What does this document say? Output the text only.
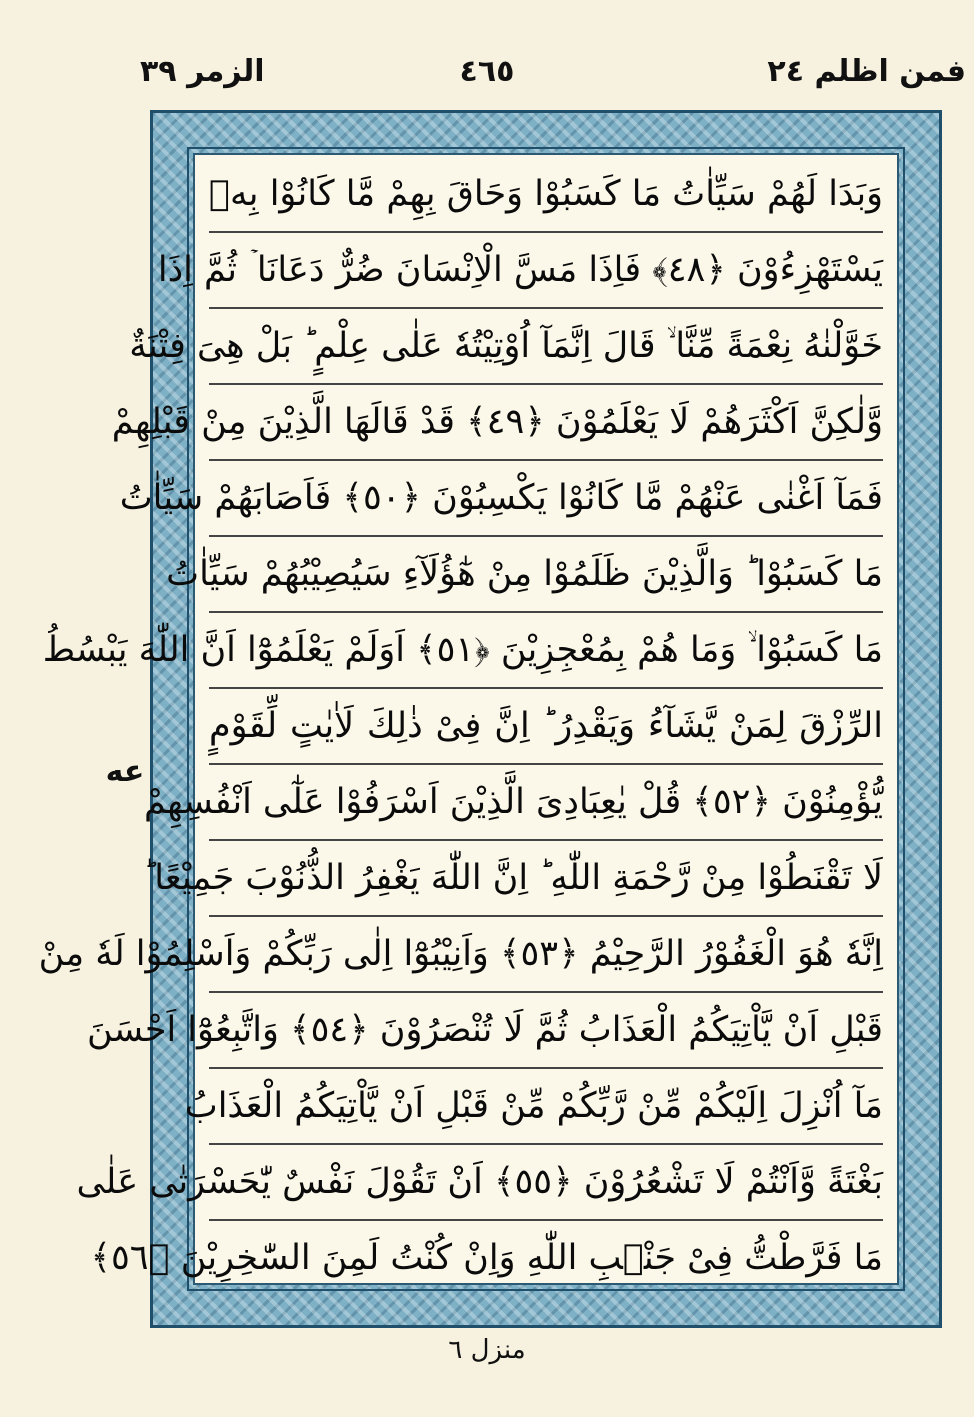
الزمر ٣٩	٤٦٥	فمن اظلم ٢٤
وَبَدَا لَهُمْ سَيِّاٰتُ مَا كَسَبُوْا وَحَاقَ بِهِمْ مَّا كَانُوْا بِهٖ
يَسْتَهْزِءُوْنَ ﴿٤٨﴾ فَاِذَا مَسَّ الْاِنْسَانَ ضُرٌّ دَعَانَا ۡ ثُمَّ اِذَا
خَوَّلْنٰهُ نِعْمَةً مِّنَّا ۙ قَالَ اِنَّمَآ اُوْتِيْتُهٗ عَلٰى عِلْمٍ ؕ بَلْ هِىَ فِتْنَةٌ
وَّلٰكِنَّ اَكْثَرَهُمْ لَا يَعْلَمُوْنَ ﴿٤٩﴾ قَدْ قَالَهَا الَّذِيْنَ مِنْ قَبْلِهِمْ
فَمَآ اَغْنٰى عَنْهُمْ مَّا كَانُوْا يَكْسِبُوْنَ ﴿٥٠﴾ فَاَصَابَهُمْ سَيِّاٰتُ
مَا كَسَبُوْا ؕ وَالَّذِيْنَ ظَلَمُوْا مِنْ هٰٓؤُلَآءِ سَيُصِيْبُهُمْ سَيِّاٰتُ
مَا كَسَبُوْا ۙ وَمَا هُمْ بِمُعْجِزِيْنَ ﴿٥١﴾ اَوَلَمْ يَعْلَمُوْٓا اَنَّ اللّٰهَ يَبْسُطُ
الرِّزْقَ لِمَنْ يَّشَآءُ وَيَقْدِرُ ؕ اِنَّ فِىْ ذٰلِكَ لَاٰيٰتٍ لِّقَوْمٍ
يُّؤْمِنُوْنَ ﴿٥٢﴾ قُلْ يٰعِبَادِىَ الَّذِيْنَ اَسْرَفُوْا عَلٰٓى اَنْفُسِهِمْ
لَا تَقْنَطُوْا مِنْ رَّحْمَةِ اللّٰهِ ؕ اِنَّ اللّٰهَ يَغْفِرُ الذُّنُوْبَ جَمِيْعًا ؕ
اِنَّهٗ هُوَ الْغَفُوْرُ الرَّحِيْمُ ﴿٥٣﴾ وَاَنِيْبُوْٓا اِلٰى رَبِّكُمْ وَاَسْلِمُوْا لَهٗ مِنْ
قَبْلِ اَنْ يَّاْتِيَكُمُ الْعَذَابُ ثُمَّ لَا تُنْصَرُوْنَ ﴿٥٤﴾ وَاتَّبِعُوْٓا اَحْسَنَ
مَآ اُنْزِلَ اِلَيْكُمْ مِّنْ رَّبِّكُمْ مِّنْ قَبْلِ اَنْ يَّاْتِيَكُمُ الْعَذَابُ
بَغْتَةً وَّاَنْتُمْ لَا تَشْعُرُوْنَ ﴿٥٥﴾ اَنْ تَقُوْلَ نَفْسٌ يّٰحَسْرَتٰى عَلٰى
مَا فَرَّطْتُّ فِىْ جَنْۢبِ اللّٰهِ وَاِنْ كُنْتُ لَمِنَ السّٰخِرِيْنَ ﴿٥٦﴾
عه
منزل ٦
